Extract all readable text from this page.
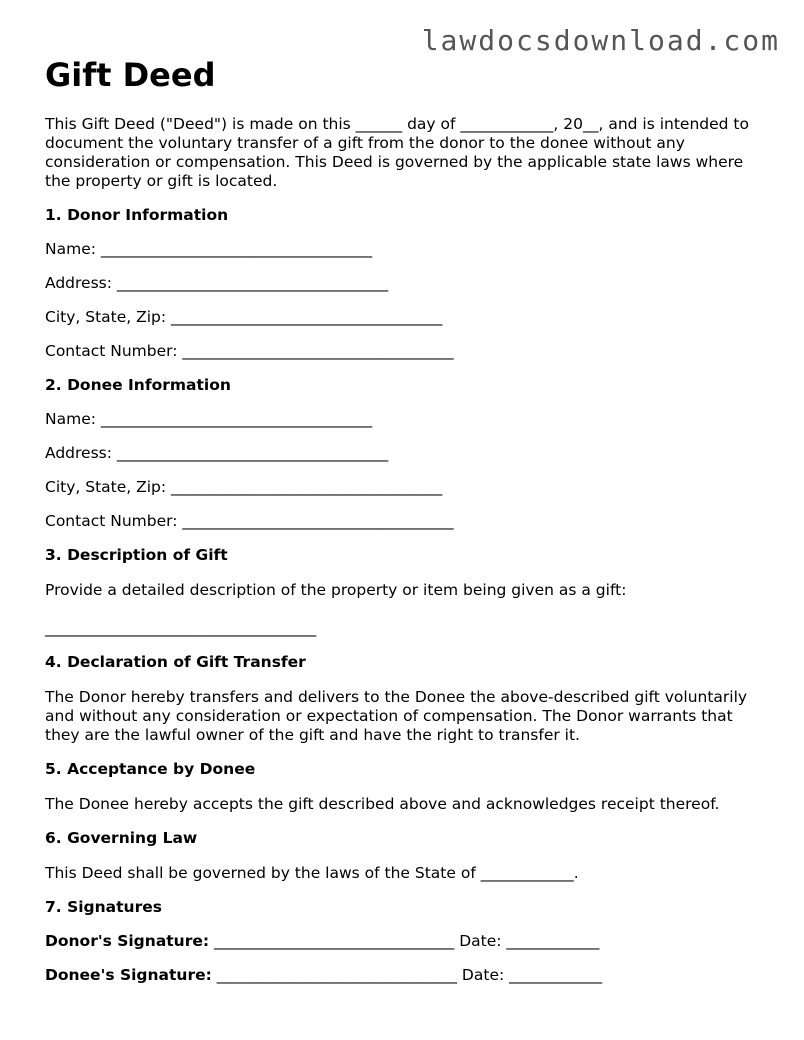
lawdocsdownload.com
Gift Deed

This Gift Deed ("Deed") is made on this ______ day of ____________, 20__, and is intended to document the voluntary transfer of a gift from the donor to the donee without any consideration or compensation. This Deed is governed by the applicable state laws where the property or gift is located.

1. Donor Information
Name: ___________________________________
Address: ___________________________________
City, State, Zip: ___________________________________
Contact Number: ___________________________________
2. Donee Information
Name: ___________________________________
Address: ___________________________________
City, State, Zip: ___________________________________
Contact Number: ___________________________________
3. Description of Gift

Provide a detailed description of the property or item being given as a gift:

___________________________________
4. Declaration of Gift Transfer

The Donor hereby transfers and delivers to the Donee the above-described gift voluntarily and without any consideration or expectation of compensation. The Donor warrants that they are the lawful owner of the gift and have the right to transfer it.

5. Acceptance by Donee

The Donee hereby accepts the gift described above and acknowledges receipt thereof.

6. Governing Law

This Deed shall be governed by the laws of the State of ____________.

7. Signatures
Donor's Signature: _______________________________ Date: ____________
Donee's Signature: _______________________________ Date: ____________
